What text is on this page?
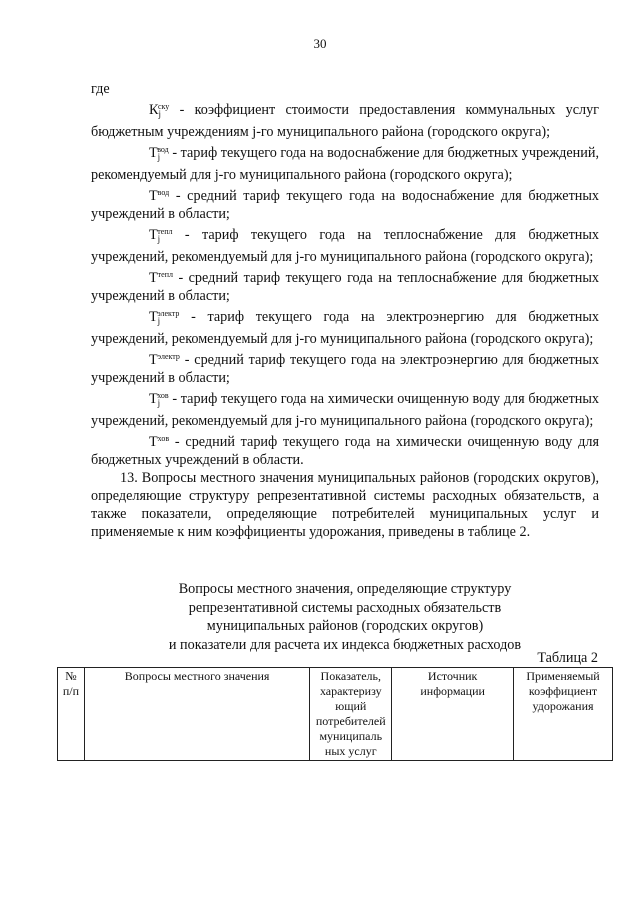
30

где

$К_j^{ску}$ - коэффициент стоимости предоставления коммунальных услуг бюджетным учреждениям j-го муниципального района (городского округа);

$Т_j^{вод}$ - тариф текущего года на водоснабжение для бюджетных учреждений, рекомендуемый для j-го муниципального района (городского округа);

$Т^{вод}$ - средний тариф текущего года на водоснабжение для бюджетных учреждений в области;

$Т_j^{тепл}$ - тариф текущего года на теплоснабжение для бюджетных учреждений, рекомендуемый для j-го муниципального района (городского округа);

$Т^{тепл}$ - средний тариф текущего года на теплоснабжение для бюджетных учреждений в области;

$Т_j^{электр}$ - тариф текущего года на электроэнергию для бюджетных учреждений, рекомендуемый для j-го муниципального района (городского округа);

$Т^{электр}$ - средний тариф текущего года на электроэнергию для бюджетных учреждений в области;

$Т_j^{хов}$ - тариф текущего года на химически очищенную воду для бюджетных учреждений, рекомендуемый для j-го муниципального района (городского округа);

$Т^{хов}$ - средний тариф текущего года на химически очищенную воду для бюджетных учреждений в области.

13. Вопросы местного значения муниципальных районов (городских округов), определяющие структуру репрезентативной системы расходных обязательств, а также показатели, определяющие потребителей муниципальных услуг и применяемые к ним коэффициенты удорожания, приведены в таблице 2.

Вопросы местного значения, определяющие структуру
репрезентативной системы расходных обязательств
муниципальных районов (городских округов)
и показатели для расчета их индекса бюджетных расходов
Таблица 2
№ п/п	Вопросы местного значения	Показатель, характеризу ющий потребителей муниципаль ных услуг	Источник информации	Применяемый коэффициент удорожания
